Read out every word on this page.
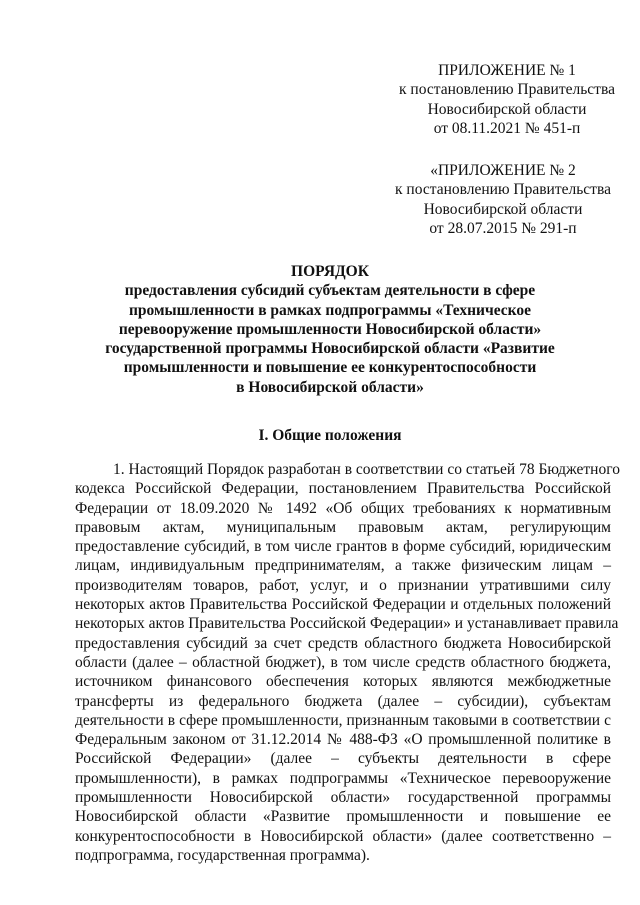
ПРИЛОЖЕНИЕ № 1
к постановлению Правительства
Новосибирской области
от 08.11.2021 № 451-п
«ПРИЛОЖЕНИЕ № 2
к постановлению Правительства
Новосибирской области
от 28.07.2015 № 291-п
ПОРЯДОК
предоставления субсидий субъектам деятельности в сфере
промышленности в рамках подпрограммы «Техническое
перевооружение промышленности Новосибирской области»
государственной программы Новосибирской области «Развитие
промышленности и повышение ее конкурентоспособности
в Новосибирской области»
I. Общие положения
1. Настоящий Порядок разработан в соответствии со статьей 78 Бюджетного
кодекса Российской Федерации, постановлением Правительства Российской
Федерации от 18.09.2020 № 1492 «Об общих требованиях к нормативным
правовым актам, муниципальным правовым актам, регулирующим
предоставление субсидий, в том числе грантов в форме субсидий, юридическим
лицам, индивидуальным предпринимателям, а также физическим лицам –
производителям товаров, работ, услуг, и о признании утратившими силу
некоторых актов Правительства Российской Федерации и отдельных положений
некоторых актов Правительства Российской Федерации» и устанавливает правила
предоставления субсидий за счет средств областного бюджета Новосибирской
области (далее – областной бюджет), в том числе средств областного бюджета,
источником финансового обеспечения которых являются межбюджетные
трансферты из федерального бюджета (далее – субсидии), субъектам
деятельности в сфере промышленности, признанным таковыми в соответствии с
Федеральным законом от 31.12.2014 № 488-ФЗ «О промышленной политике в
Российской Федерации» (далее – субъекты деятельности в сфере
промышленности), в рамках подпрограммы «Техническое перевооружение
промышленности Новосибирской области» государственной программы
Новосибирской области «Развитие промышленности и повышение ее
конкурентоспособности в Новосибирской области» (далее соответственно –
подпрограмма, государственная программа).
